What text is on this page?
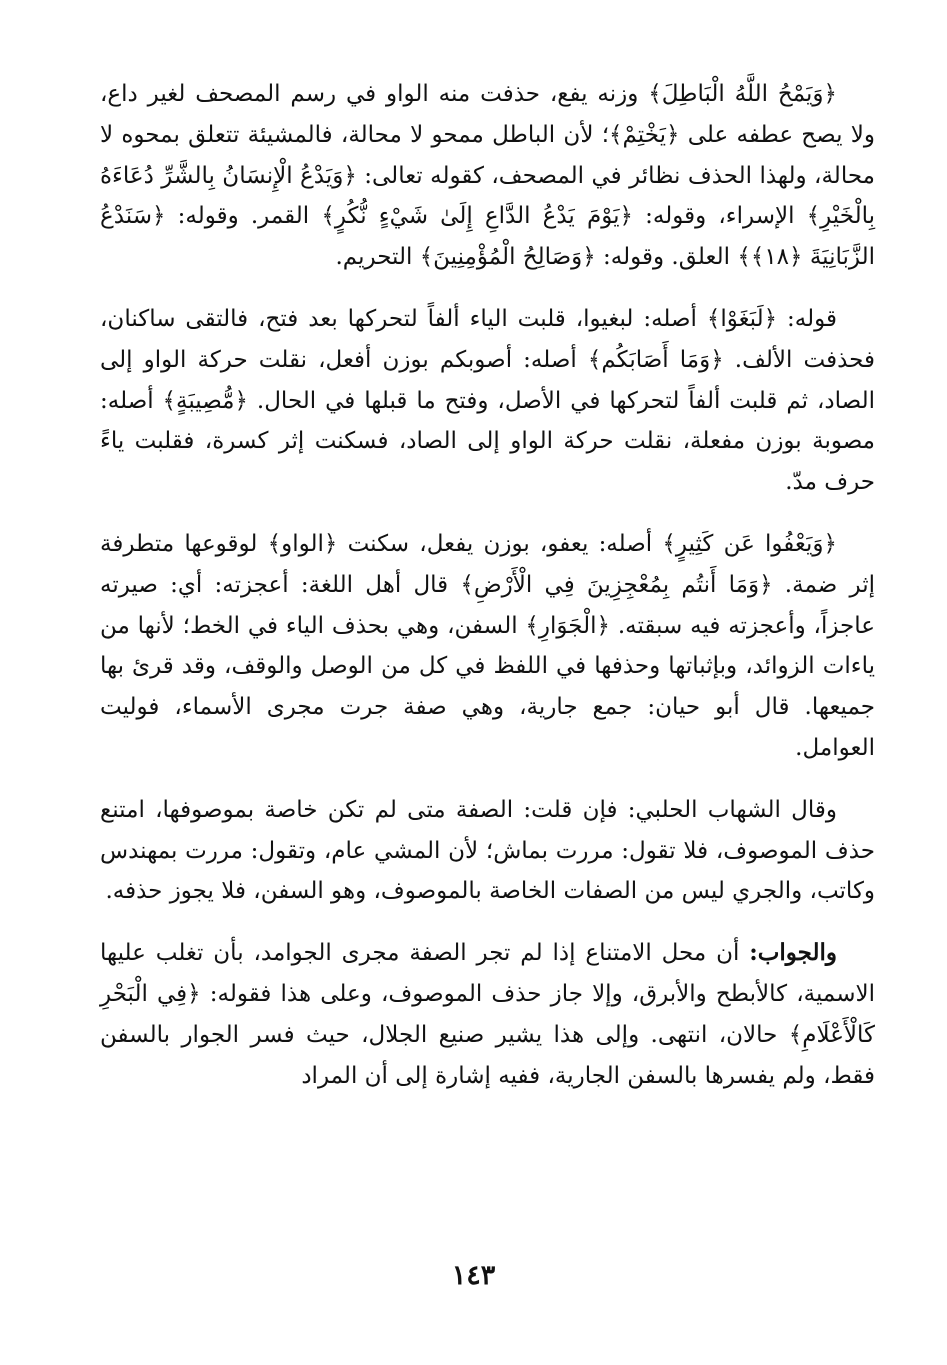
﴿وَيَمْحُ اللَّهُ الْبَاطِلَ﴾ وزنه يفع، حذفت منه الواو في رسم المصحف لغير داع، ولا يصح عطفه على ﴿يَخْتِمْ﴾؛ لأن الباطل ممحو لا محالة، فالمشيئة تتعلق بمحوه لا محالة، ولهذا الحذف نظائر في المصحف، كقوله تعالى: ﴿وَيَدْعُ الْإِنسَانُ بِالشَّرِّ دُعَاءَهُ بِالْخَيْرِ﴾ الإسراء، وقوله: ﴿يَوْمَ يَدْعُ الدَّاعِ إِلَىٰ شَيْءٍ نُّكُرٍ﴾ القمر. وقوله: ﴿سَنَدْعُ الزَّبَانِيَةَ ﴿١٨﴾﴾ العلق. وقوله: ﴿وَصَالِحُ الْمُؤْمِنِينَ﴾ التحريم.

قوله: ﴿لَبَغَوْا﴾ أصله: لبغيوا، قلبت الياء ألفاً لتحركها بعد فتح، فالتقى ساكنان، فحذفت الألف. ﴿وَمَا أَصَابَكُم﴾ أصله: أصوبكم بوزن أفعل، نقلت حركة الواو إلى الصاد، ثم قلبت ألفاً لتحركها في الأصل، وفتح ما قبلها في الحال. ﴿مُّصِيبَةٍ﴾ أصله: مصوبة بوزن مفعلة، نقلت حركة الواو إلى الصاد، فسكنت إثر كسرة، فقلبت ياءً حرف مدّ.

﴿وَيَعْفُوا عَن كَثِيرٍ﴾ أصله: يعفو، بوزن يفعل، سكنت ﴿الواو﴾ لوقوعها متطرفة إثر ضمة. ﴿وَمَا أَنتُم بِمُعْجِزِينَ فِي الْأَرْضِ﴾ قال أهل اللغة: أعجزته: أي: صيرته عاجزاً، وأعجزته فيه سبقته. ﴿الْجَوَارِ﴾ السفن، وهي بحذف الياء في الخط؛ لأنها من ياءات الزوائد، وبإثباتها وحذفها في اللفظ في كل من الوصل والوقف، وقد قرئ بها جميعها. قال أبو حيان: جمع جارية، وهي صفة جرت مجرى الأسماء، فوليت العوامل.

وقال الشهاب الحلبي: فإن قلت: الصفة متى لم تكن خاصة بموصوفها، امتنع حذف الموصوف، فلا تقول: مررت بماش؛ لأن المشي عام، وتقول: مررت بمهندس وكاتب، والجري ليس من الصفات الخاصة بالموصوف، وهو السفن، فلا يجوز حذفه.

والجواب: أن محل الامتناع إذا لم تجر الصفة مجرى الجوامد، بأن تغلب عليها الاسمية، كالأبطح والأبرق، وإلا جاز حذف الموصوف، وعلى هذا فقوله: ﴿فِي الْبَحْرِ كَالْأَعْلَامِ﴾ حالان، انتهى. وإلى هذا يشير صنيع الجلال، حيث فسر الجوار بالسفن فقط، ولم يفسرها بالسفن الجارية، ففيه إشارة إلى أن المراد

١٤٣
